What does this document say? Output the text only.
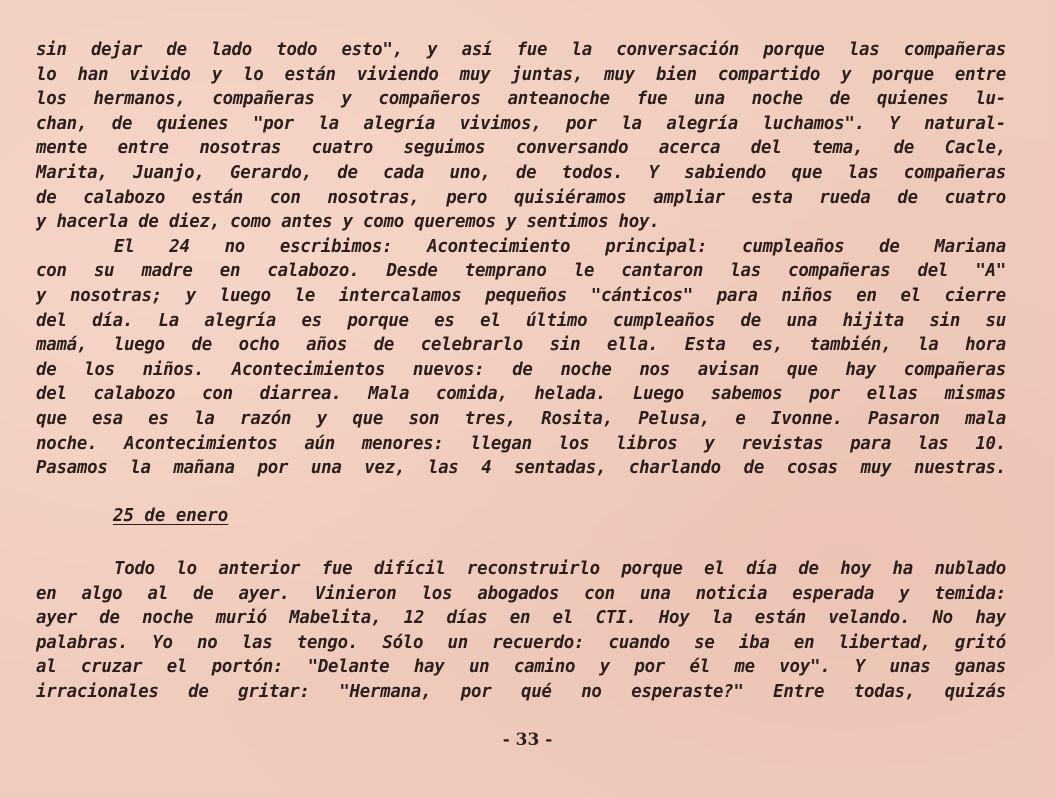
sin dejar de lado todo esto", y así fue la conversación porque las compañeras
lo han vivido y lo están viviendo muy juntas, muy bien compartido y porque entre
los hermanos, compañeras y compañeros anteanoche fue una noche de quienes lu-
chan, de quienes "por la alegría vivimos, por la alegría luchamos". Y natural-
mente entre nosotras cuatro seguimos conversando acerca del tema, de Cacle,
Marita, Juanjo, Gerardo, de cada uno, de todos. Y sabiendo que las compañeras
de calabozo están con nosotras, pero quisiéramos ampliar esta rueda de cuatro
y hacerla de diez, como antes y como queremos y sentimos hoy.
El 24 no escribimos: Acontecimiento principal: cumpleaños de Mariana
con su madre en calabozo. Desde temprano le cantaron las compañeras del "A"
y nosotras; y luego le intercalamos pequeños "cánticos" para niños en el cierre
del día. La alegría es porque es el último cumpleaños de una hijita sin su
mamá, luego de ocho años de celebrarlo sin ella. Esta es, también, la hora
de los niños. Acontecimientos nuevos: de noche nos avisan que hay compañeras
del calabozo con diarrea. Mala comida, helada. Luego sabemos por ellas mismas
que esa es la razón y que son tres, Rosita, Pelusa, e Ivonne. Pasaron mala
noche. Acontecimientos aún menores: llegan los libros y revistas para las 10.
Pasamos la mañana por una vez, las 4 sentadas, charlando de cosas muy nuestras.
25 de enero
Todo lo anterior fue difícil reconstruirlo porque el día de hoy ha nublado
en algo al de ayer. Vinieron los abogados con una noticia esperada y temida:
ayer de noche murió Mabelita, 12 días en el CTI. Hoy la están velando. No hay
palabras. Yo no las tengo. Sólo un recuerdo: cuando se iba en libertad, gritó
al cruzar el portón: "Delante hay un camino y por él me voy". Y unas ganas
irracionales de gritar: "Hermana, por qué no esperaste?" Entre todas, quizás
- 33 -
